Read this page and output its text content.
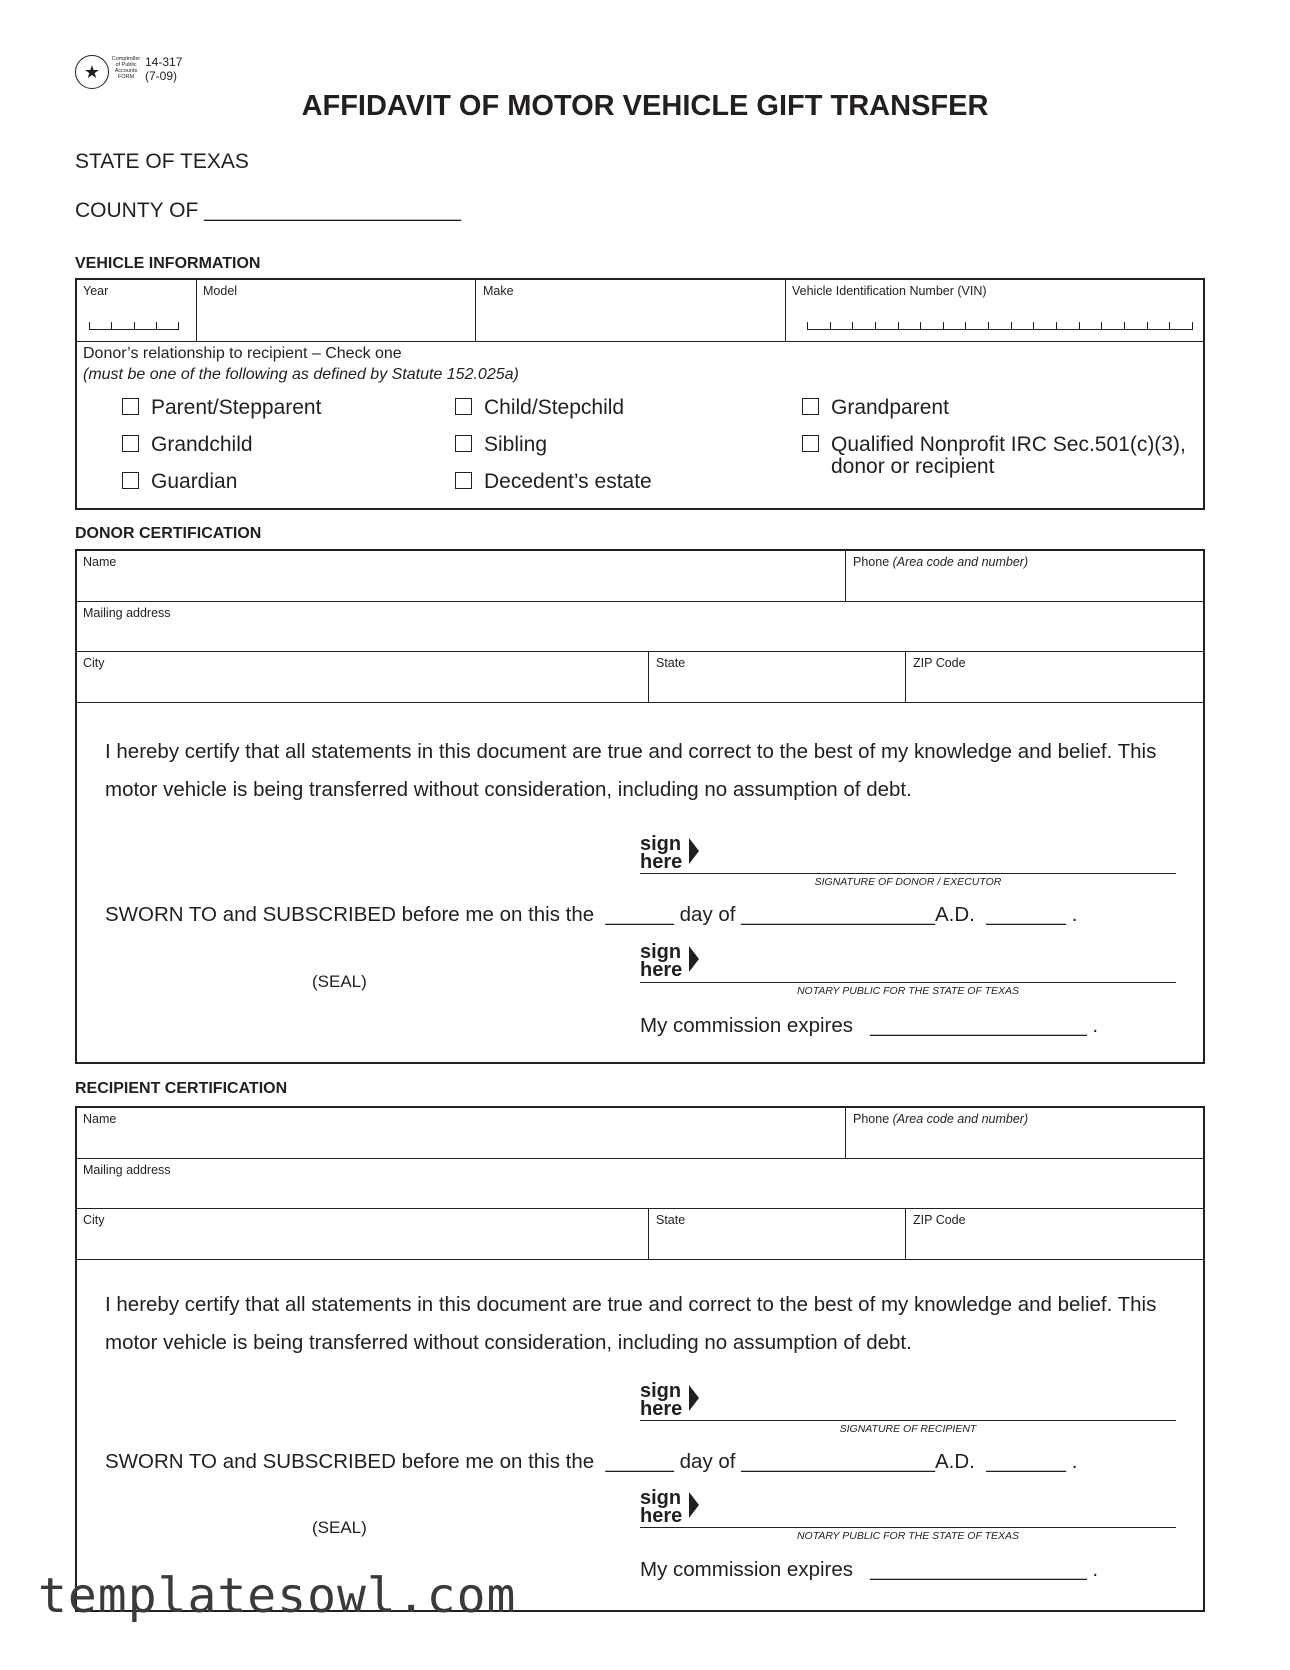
★
Comptroller of Public Accounts FORM
14-317
(7-09)
AFFIDAVIT OF MOTOR VEHICLE GIFT TRANSFER
STATE OF TEXAS
COUNTY OF ______________________
VEHICLE INFORMATION
Year	Model	Make	Vehicle Identification Number (VIN)
Donor’s relationship to recipient – Check one
(must be one of the following as defined by Statute 152.025a)
Parent/Stepparent	Child/Stepchild	Grandparent
Grandchild	Sibling	Qualified Nonprofit IRC Sec.501(c)(3),
donor or recipient
Guardian	Decedent’s estate
DONOR CERTIFICATION
Name	Phone (Area code and number)
Mailing address
City	State	ZIP Code
I hereby certify that all statements in this document are true and correct to the best of my knowledge and belief. This motor vehicle is being transferred without consideration, including no assumption of debt.
sign
here
SIGNATURE OF DONOR / EXECUTOR
SWORN TO and SUBSCRIBED before me on this the  ______ day of _________________A.D.  _______ .
sign
here
(SEAL)	NOTARY PUBLIC FOR THE STATE OF TEXAS
My commission expires   ___________________ .
RECIPIENT CERTIFICATION
Name	Phone (Area code and number)
Mailing address
City	State	ZIP Code
I hereby certify that all statements in this document are true and correct to the best of my knowledge and belief. This motor vehicle is being transferred without consideration, including no assumption of debt.
sign
here
SIGNATURE OF RECIPIENT
SWORN TO and SUBSCRIBED before me on this the  ______ day of _________________A.D.  _______ .
sign
here
(SEAL)	NOTARY PUBLIC FOR THE STATE OF TEXAS
My commission expires   ___________________ .
templatesowl.com
